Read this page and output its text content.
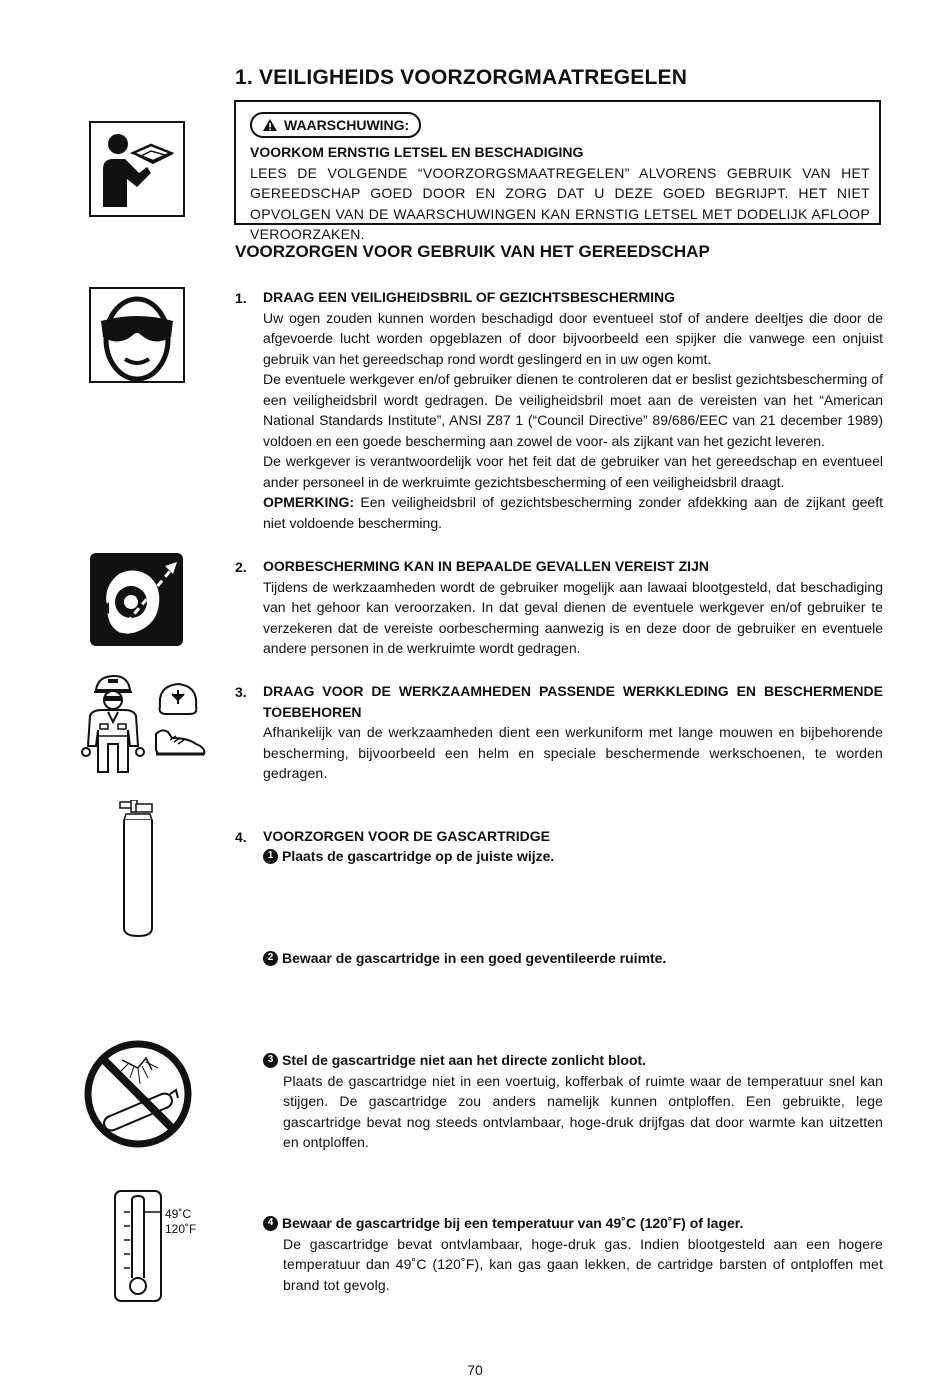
1. VEILIGHEIDS VOORZORGMAATREGELEN
WAARSCHUWING:
VOORKOM ERNSTIG LETSEL EN BESCHADIGING
LEES DE VOLGENDE “VOORZORGSMAATREGELEN” ALVORENS GEBRUIK VAN HET GEREEDSCHAP GOED DOOR EN ZORG DAT U DEZE GOED BEGRIJPT. HET NIET OPVOLGEN VAN DE WAARSCHUWINGEN KAN ERNSTIG LETSEL MET DODELIJK AFLOOP VEROORZAKEN.
VOORZORGEN VOOR GEBRUIK VAN HET GEREEDSCHAP
1. DRAAG EEN VEILIGHEIDSBRIL OF GEZICHTSBESCHERMING

Uw ogen zouden kunnen worden beschadigd door eventueel stof of andere deeltjes die door de afgevoerde lucht worden opgeblazen of door bijvoorbeeld een spijker die vanwege een onjuist gebruik van het gereedschap rond wordt geslingerd en in uw ogen komt.

De eventuele werkgever en/of gebruiker dienen te controleren dat er beslist gezichtsbescherming of een veiligheidsbril wordt gedragen. De veiligheidsbril moet aan de vereisten van het “American National Standards Institute”, ANSI Z87 1 (“Council Directive” 89/686/EEC van 21 december 1989) voldoen en een goede bescherming aan zowel de voor- als zijkant van het gezicht leveren.

De werkgever is verantwoordelijk voor het feit dat de gebruiker van het gereedschap en eventueel ander personeel in de werkruimte gezichtsbescherming of een veiligheidsbril draagt.

OPMERKING: Een veiligheidsbril of gezichtsbescherming zonder afdekking aan de zijkant geeft niet voldoende bescherming.

2. OORBESCHERMING KAN IN BEPAALDE GEVALLEN VEREIST ZIJN

Tijdens de werkzaamheden wordt de gebruiker mogelijk aan lawaai blootgesteld, dat beschadiging van het gehoor kan veroorzaken. In dat geval dienen de eventuele werkgever en/of gebruiker te verzekeren dat de vereiste oorbescherming aanwezig is en deze door de gebruiker en eventuele andere personen in de werkruimte wordt gedragen.

3. DRAAG VOOR DE WERKZAAMHEDEN PASSENDE WERKKLEDING EN BESCHERMENDE TOEBEHOREN

Afhankelijk van de werkzaamheden dient een werkuniform met lange mouwen en bijbehorende bescherming, bijvoorbeeld een helm en speciale beschermende werkschoenen, te worden gedragen.

4. VOORZORGEN VOOR DE GASCARTRIDGE
1 Plaats de gascartridge op de juiste wijze.
2 Bewaar de gascartridge in een goed geventileerde ruimte.
3 Stel de gascartridge niet aan het directe zonlicht bloot.

Plaats de gascartridge niet in een voertuig, kofferbak of ruimte waar de temperatuur snel kan stijgen. De gascartridge zou anders namelijk kunnen ontploffen. Een gebruikte, lege gascartridge bevat nog steeds ontvlambaar, hoge-druk drijfgas dat door warmte kan uitzetten en ontploffen.

49˚C
120˚F	4 Bewaar de gascartridge bij een temperatuur van 49˚C (120˚F) of lager.

De gascartridge bevat ontvlambaar, hoge-druk gas. Indien blootgesteld aan een hogere temperatuur dan 49˚C (120˚F), kan gas gaan lekken, de cartridge barsten of ontploffen met brand tot gevolg.

70
